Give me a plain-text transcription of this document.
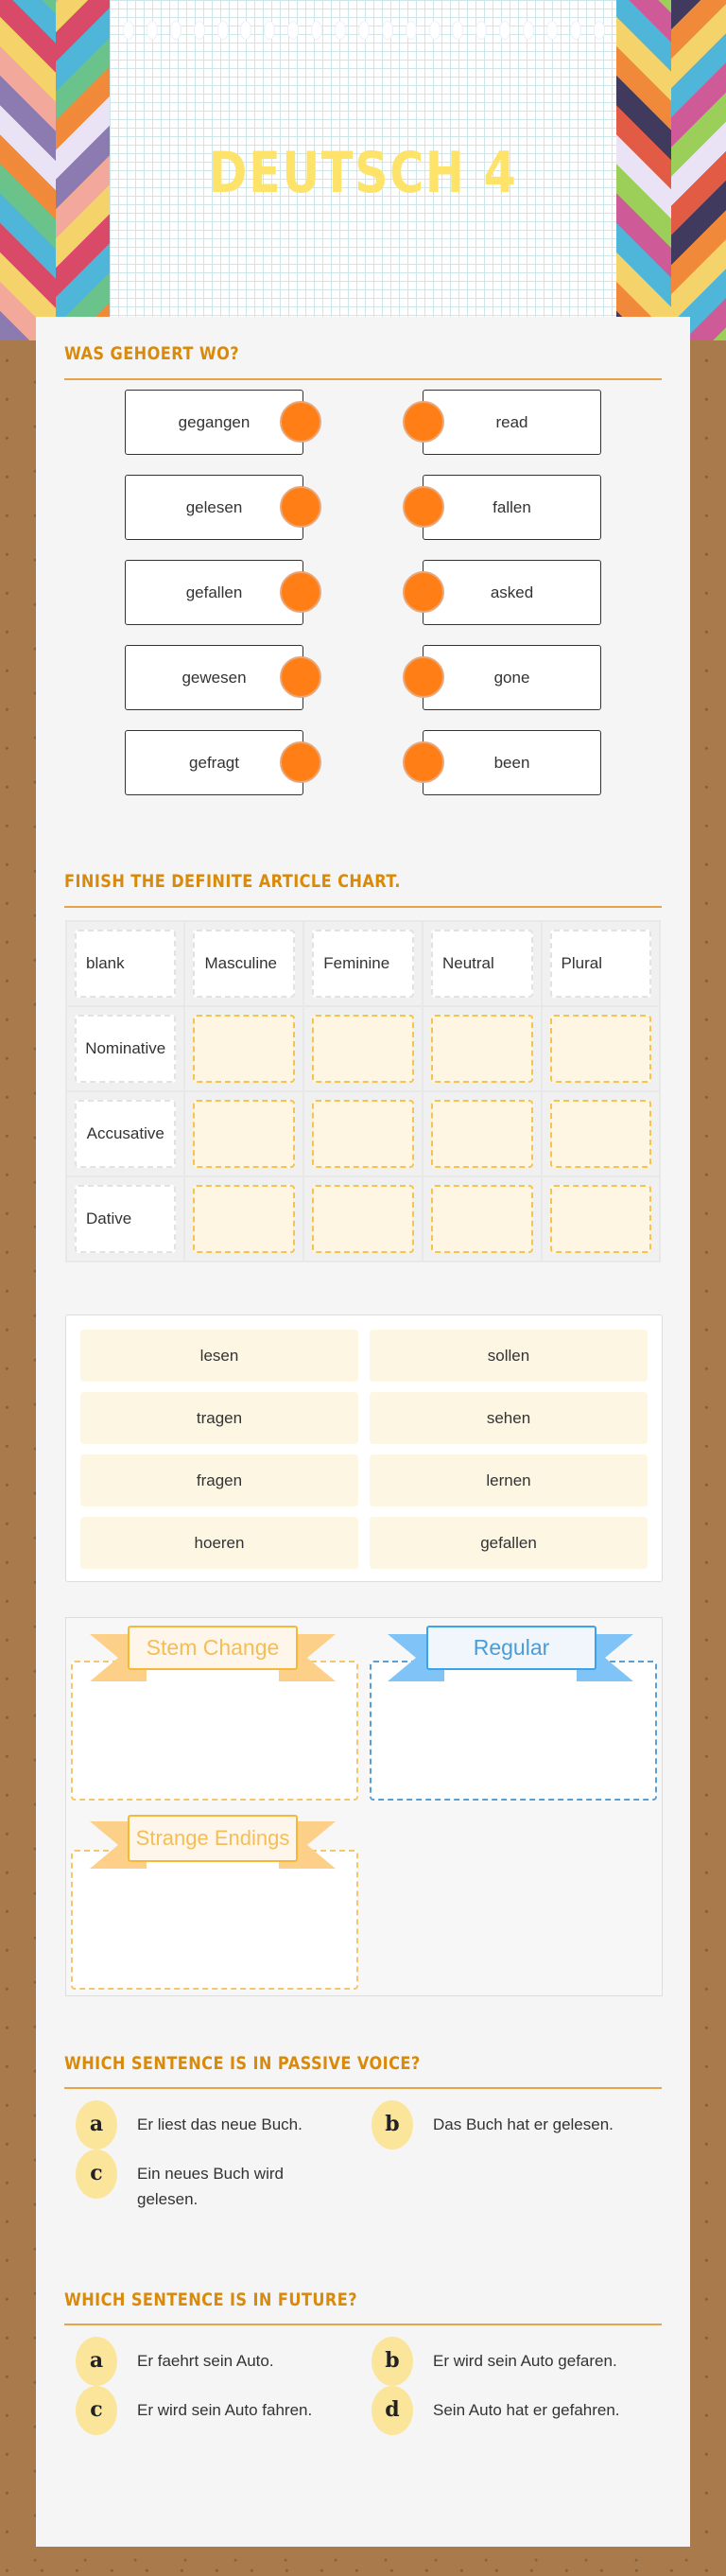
DEUTSCH 4
WAS GEHOERT WO?
FINISH THE DEFINITE ARTICLE CHART.
blank	Masculine	Feminine	Neutral	Plural

Nominative				

Accusative				

Dative				

lesen	sollen
tragen	sehen
fragen	lernen
hoeren	gefallen
Stem Change	Regular
Strange Endings
WHICH SENTENCE IS IN PASSIVE VOICE?
WHICH SENTENCE IS IN FUTURE?
gegangen	read
gelesen	fallen
gefallen	asked
gewesen	gone
gefragt	been
a	Er liest das neue Buch.	b	Das Buch hat er gelesen.
c	Ein neues Buch wird gelesen.
a	Er faehrt sein Auto.	b	Er wird sein Auto gefaren.
c	Er wird sein Auto fahren.	d	Sein Auto hat er gefahren.
